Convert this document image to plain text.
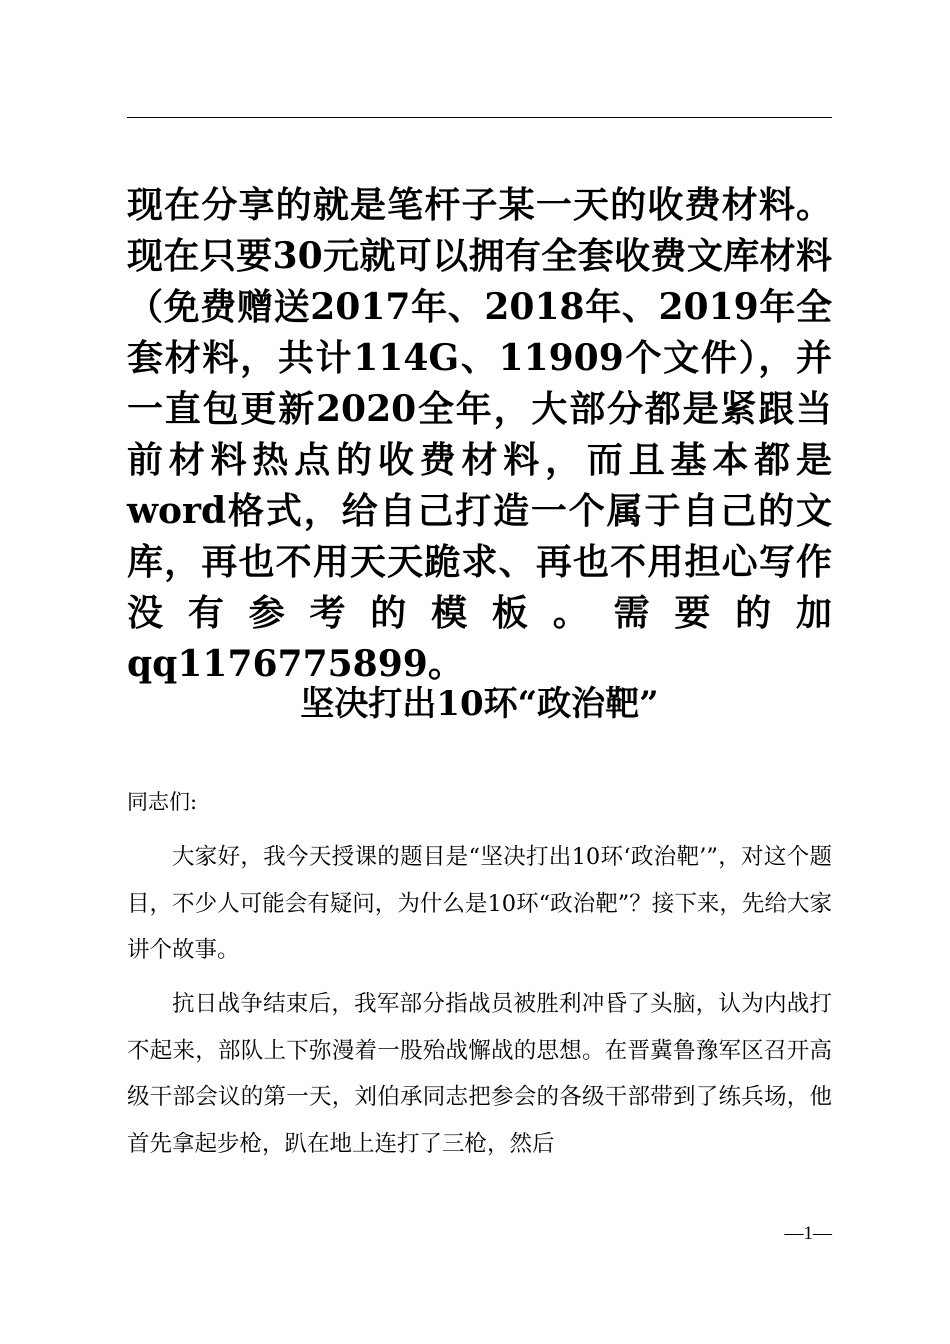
现在分享的就是笔杆子某一天的收费材料。现在只要30元就可以拥有全套收费文库材料（免费赠送2017年、2018年、2019年全套材料，共计114G、11909个文件），并一直包更新2020全年，大部分都是紧跟当前材料热点的收费材料，而且基本都是word格式，给自己打造一个属于自己的文库，再也不用天天跪求、再也不用担心写作没有参考的模板。需要的加qq1176775899。

坚决打出10环“政治靶”

同志们:

大家好，我今天授课的题目是“坚决打出10环‘政治靶’”，对这个题目，不少人可能会有疑问，为什么是10环“政治靶”？接下来，先给大家讲个故事。

抗日战争结束后，我军部分指战员被胜利冲昏了头脑，认为内战打不起来，部队上下弥漫着一股殆战懈战的思想。在晋冀鲁豫军区召开高级干部会议的第一天，刘伯承同志把参会的各级干部带到了练兵场，他首先拿起步枪，趴在地上连打了三枪，然后

—1—
